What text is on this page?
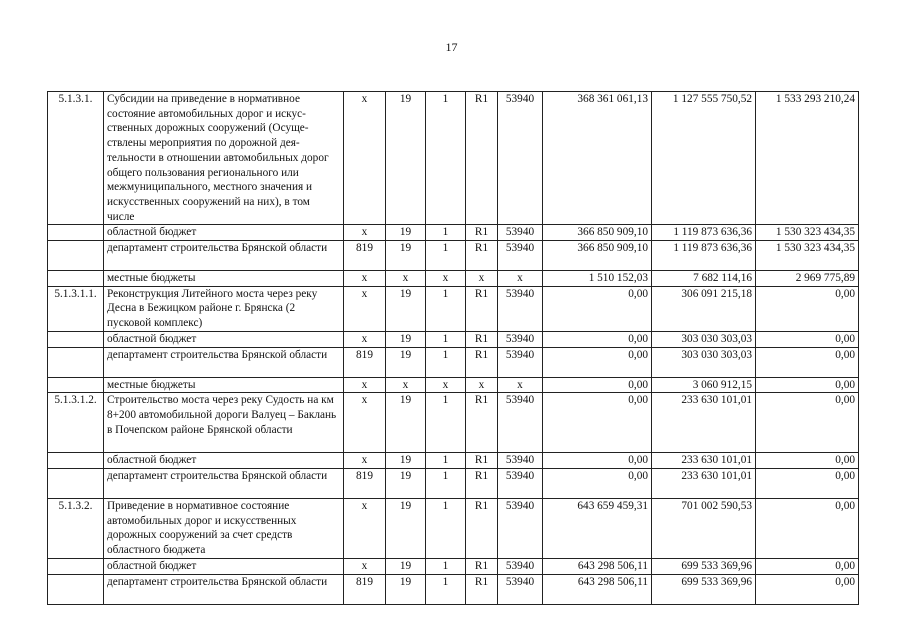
17
5.1.3.1.	Субсидии на приведение в нормативное состояние автомобильных дорог и искус-ственных дорожных сооружений (Осуще-ствлены мероприятия по дорожной дея-тельности в отношении автомобильных дорог общего пользования регионального или межмуниципального, местного значения и искусственных сооружений на них), в том числе	х	19	1	R1	53940	368 361 061,13	1 127 555 750,52	1 533 293 210,24
	областной бюджет	х	19	1	R1	53940	366 850 909,10	1 119 873 636,36	1 530 323 434,35
	департамент строительства Брянской области	819	19	1	R1	53940	366 850 909,10	1 119 873 636,36	1 530 323 434,35
	местные бюджеты	х	х	х	х	х	1 510 152,03	7 682 114,16	2 969 775,89
5.1.3.1.1.	Реконструкция Литейного моста через реку Десна в Бежицком районе г. Брянска (2 пусковой комплекс)	х	19	1	R1	53940	0,00	306 091 215,18	0,00
	областной бюджет	х	19	1	R1	53940	0,00	303 030 303,03	0,00
	департамент строительства Брянской области	819	19	1	R1	53940	0,00	303 030 303,03	0,00
	местные бюджеты	х	х	х	х	х	0,00	3 060 912,15	0,00
5.1.3.1.2.	Строительство моста через реку Судость на км 8+200 автомобильной дороги Валуец – Баклань в Почепском районе Брянской области	х	19	1	R1	53940	0,00	233 630 101,01	0,00
	областной бюджет	х	19	1	R1	53940	0,00	233 630 101,01	0,00
	департамент строительства Брянской области	819	19	1	R1	53940	0,00	233 630 101,01	0,00
5.1.3.2.	Приведение в нормативное состояние автомобильных дорог и искусственных дорожных сооружений за счет средств областного бюджета	х	19	1	R1	53940	643 659 459,31	701 002 590,53	0,00
	областной бюджет	х	19	1	R1	53940	643 298 506,11	699 533 369,96	0,00
	департамент строительства Брянской области	819	19	1	R1	53940	643 298 506,11	699 533 369,96	0,00
